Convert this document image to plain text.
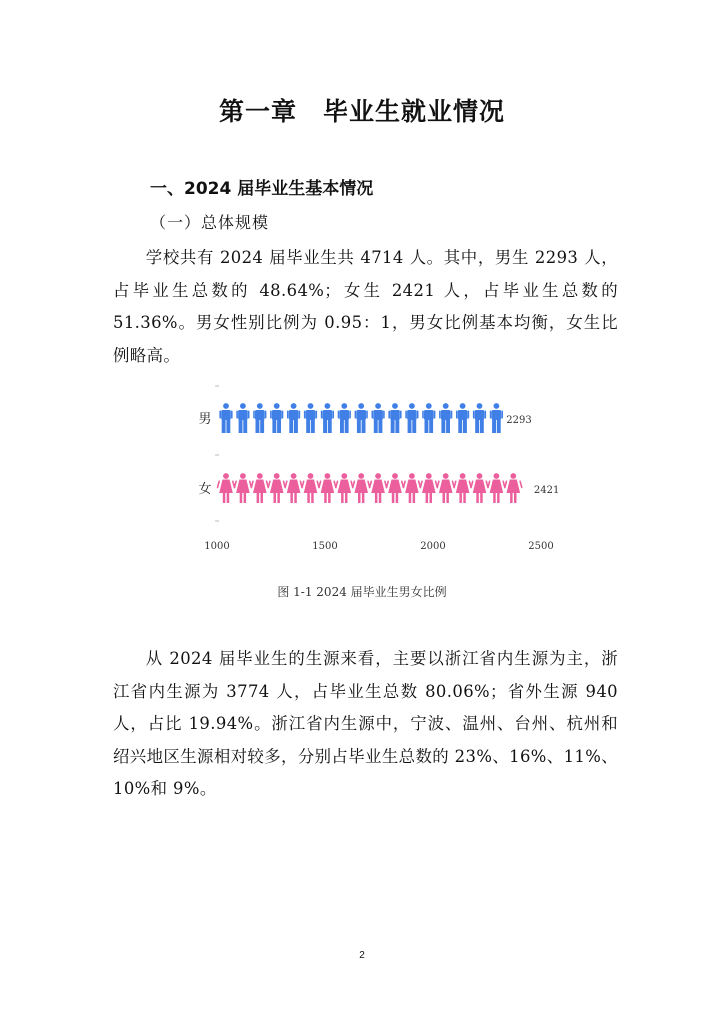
第一章　毕业生就业情况
一、2024 届毕业生基本情况
（一）总体规模
学校共有 2024 届毕业生共 4714 人。其中，男生 2293 人，占毕业生总数的 48.64%；女生 2421 人，占毕业生总数的 51.36%。男女性别比例为 0.95：1，男女比例基本均衡，女生比例略高。
男	2293
女	2421
1000	1500	2000	2500
图 1-1 2024 届毕业生男女比例
从 2024 届毕业生的生源来看，主要以浙江省内生源为主，浙江省内生源为 3774 人，占毕业生总数 80.06%；省外生源 940 人，占比 19.94%。浙江省内生源中，宁波、温州、台州、杭州和绍兴地区生源相对较多，分别占毕业生总数的 23%、16%、11%、10%和 9%。
2
